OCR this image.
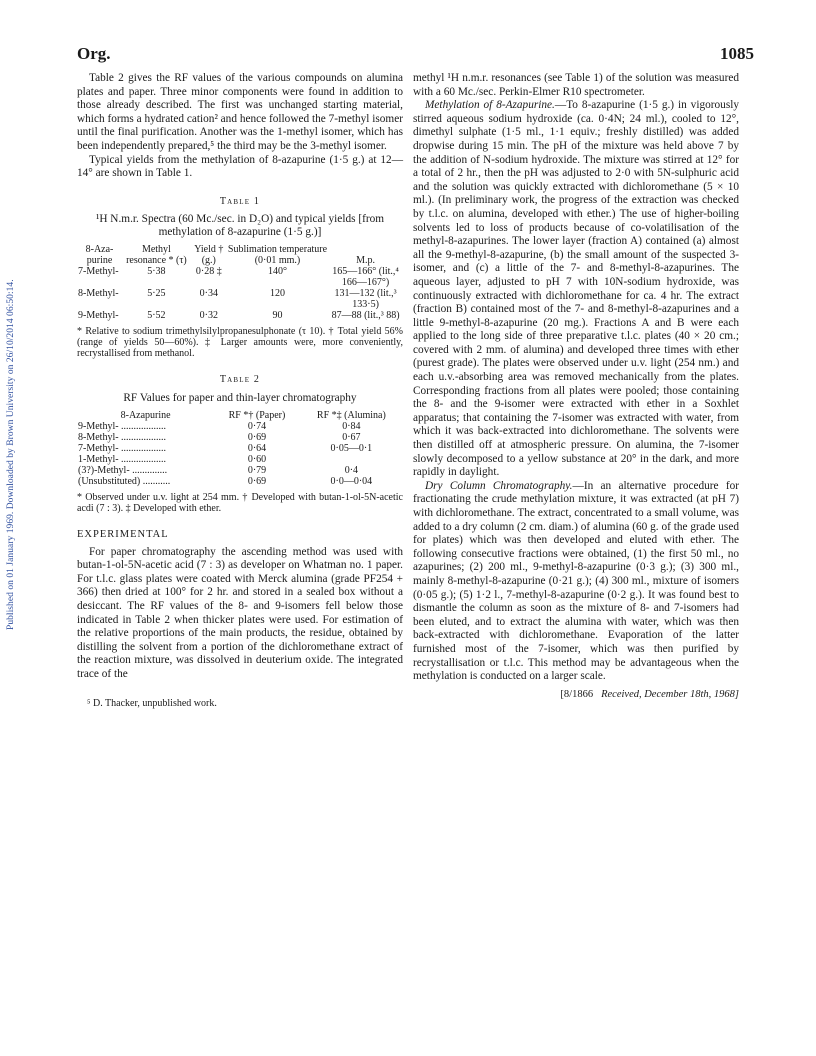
Published on 01 January 1969. Downloaded by Brown University on 26/10/2014 06:50:14.
Org.	1085

Table 2 gives the RF values of the various compounds on alumina plates and paper. Three minor components were found in addition to those already described. The first was unchanged starting material, which forms a hydrated cation² and hence followed the 7-methyl isomer until the final purification. Another was the 1-methyl isomer, which has been independently prepared,⁵ the third may be the 3-methyl isomer.

Typical yields from the methylation of 8-azapurine (1·5 g.) at 12—14° are shown in Table 1.

Table 1
¹H N.m.r. Spectra (60 Mc./sec. in D₂O) and typical yields [from methylation of 8-azapurine (1·5 g.)]
8-Aza-purine	Methyl resonance * (τ)	Yield † (g.)	Sublimation temperature (0·01 mm.)	M.p.
7-Methyl-	5·38	0·28 ‡	140°	165—166° (lit.,⁴ 166—167°)
8-Methyl-	5·25	0·34	120	131—132 (lit.,³ 133·5)
9-Methyl-	5·52	0·32	90	87—88 (lit.,³ 88)
* Relative to sodium trimethylsilylpropanesulphonate (τ 10). † Total yield 56% (range of yields 50—60%). ‡ Larger amounts were, more conveniently, recrystallised from methanol.
Table 2
RF Values for paper and thin-layer chromatography
8-Azapurine	RF *† (Paper)	RF *‡ (Alumina)
9-Methyl- ..................	0·74	0·84
8-Methyl- ..................	0·69	0·67
7-Methyl- ..................	0·64	0·05—0·1
1-Methyl- ..................	0·60	
(3?)-Methyl- ..............	0·79	0·4
(Unsubstituted) ...........	0·69	0·0—0·04
* Observed under u.v. light at 254 mm. † Developed with butan-1-ol-5N-acetic acdi (7 : 3). ‡ Developed with ether.
EXPERIMENTAL

For paper chromatography the ascending method was used with butan-1-ol-5N-acetic acid (7 : 3) as developer on Whatman no. 1 paper. For t.l.c. glass plates were coated with Merck alumina (grade PF254 + 366) then dried at 100° for 2 hr. and stored in a sealed box without a desiccant. The RF values of the 8- and 9-isomers fell below those indicated in Table 2 when thicker plates were used. For estimation of the relative proportions of the main products, the residue, obtained by distilling the solvent from a portion of the dichloromethane extract of the reaction mixture, was dissolved in deuterium oxide. The integrated trace of the

⁵ D. Thacker, unpublished work.

methyl ¹H n.m.r. resonances (see Table 1) of the solution was measured with a 60 Mc./sec. Perkin-Elmer R10 spectrometer.

Methylation of 8-Azapurine.—To 8-azapurine (1·5 g.) in vigorously stirred aqueous sodium hydroxide (ca. 0·4N; 24 ml.), cooled to 12°, dimethyl sulphate (1·5 ml., 1·1 equiv.; freshly distilled) was added dropwise during 15 min. The pH of the mixture was held above 7 by the addition of N-sodium hydroxide. The mixture was stirred at 12° for a total of 2 hr., then the pH was adjusted to 2·0 with 5N-sulphuric acid and the solution was quickly extracted with dichloromethane (5 × 10 ml.). (In preliminary work, the progress of the extraction was checked by t.l.c. on alumina, developed with ether.) The use of higher-boiling solvents led to loss of products because of co-volatilisation of the methyl-8-azapurines. The lower layer (fraction A) contained (a) almost all the 9-methyl-8-azapurine, (b) the small amount of the suspected 3-isomer, and (c) a little of the 7- and 8-methyl-8-azapurines. The aqueous layer, adjusted to pH 7 with 10N-sodium hydroxide, was continuously extracted with dichloromethane for ca. 4 hr. The extract (fraction B) contained most of the 7- and 8-methyl-8-azapurines and a little 9-methyl-8-azapurine (20 mg.). Fractions A and B were each applied to the long side of three preparative t.l.c. plates (40 × 20 cm.; covered with 2 mm. of alumina) and developed three times with ether (purest grade). The plates were observed under u.v. light (254 nm.) and each u.v.-absorbing area was removed mechanically from the plates. Corresponding fractions from all plates were pooled; those containing the 8- and the 9-isomer were extracted with ether in a Soxhlet apparatus; that containing the 7-isomer was extracted with water, from which it was back-extracted into dichloromethane. The solvents were then distilled off at atmospheric pressure. On alumina, the 7-isomer slowly decomposed to a yellow substance at 20° in the dark, and more rapidly in daylight.

Dry Column Chromatography.—In an alternative procedure for fractionating the crude methylation mixture, it was extracted (at pH 7) with dichloromethane. The extract, concentrated to a small volume, was added to a dry column (2 cm. diam.) of alumina (60 g. of the grade used for plates) which was then developed and eluted with ether. The following consecutive fractions were obtained, (1) the first 50 ml., no azapurines; (2) 200 ml., 9-methyl-8-azapurine (0·3 g.); (3) 300 ml., mainly 8-methyl-8-azapurine (0·21 g.); (4) 300 ml., mixture of isomers (0·05 g.); (5) 1·2 l., 7-methyl-8-azapurine (0·2 g.). It was found best to dismantle the column as soon as the mixture of 8- and 7-isomers had been eluted, and to extract the alumina with water, which was then back-extracted with dichloromethane. Evaporation of the latter furnished most of the 7-isomer, which was then purified by recrystallisation or t.l.c. This method may be advantageous when the methylation is conducted on a larger scale.

[8/1866 Received, December 18th, 1968]
